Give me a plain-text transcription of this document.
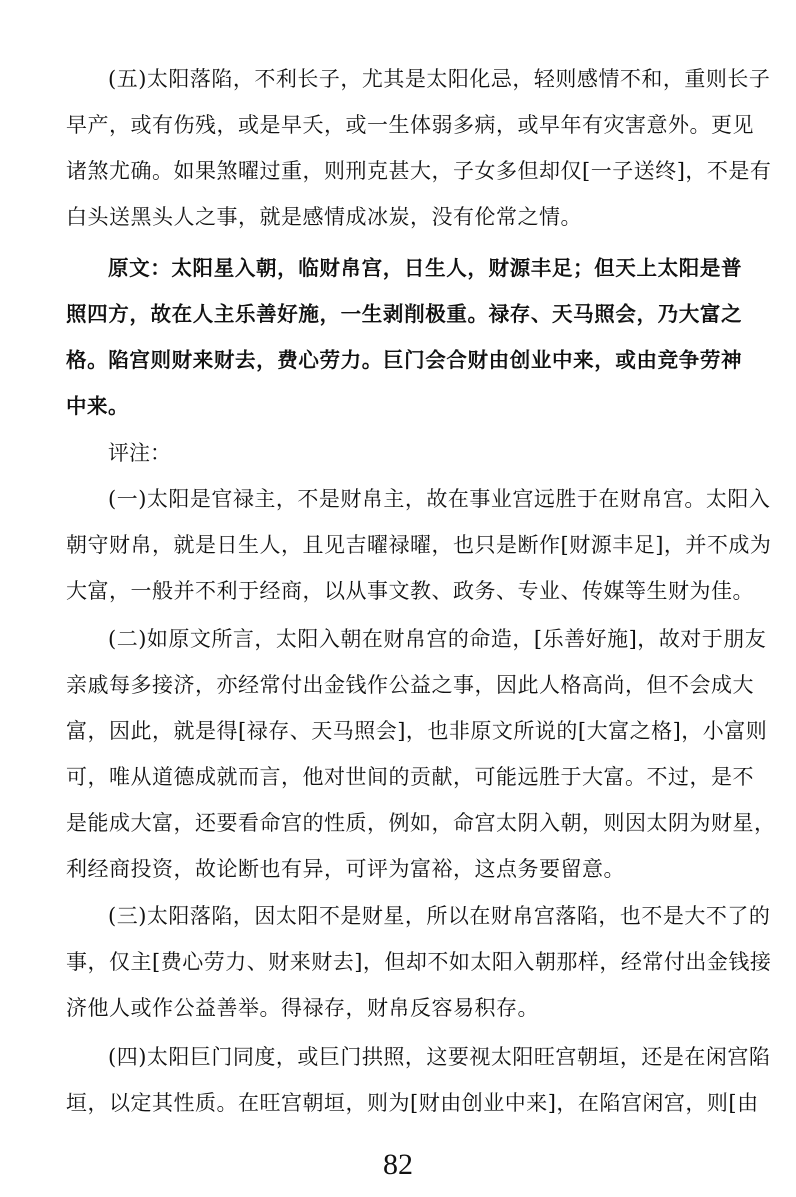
(五)太阳落陷，不利长子，尤其是太阳化忌，轻则感情不和，重则长子
早产，或有伤残，或是早夭，或一生体弱多病，或早年有灾害意外。更见
诸煞尤确。如果煞曜过重，则刑克甚大，子女多但却仅[一子送终]，不是有
白头送黑头人之事，就是感情成冰炭，没有伦常之情。
原文：太阳星入朝，临财帛宫，日生人，财源丰足；但天上太阳是普
照四方，故在人主乐善好施，一生剥削极重。禄存、天马照会，乃大富之
格。陷宫则财来财去，费心劳力。巨门会合财由创业中来，或由竞争劳神
中来。
评注：
(一)太阳是官禄主，不是财帛主，故在事业宫远胜于在财帛宫。太阳入
朝守财帛，就是日生人，且见吉曜禄曜，也只是断作[财源丰足]，并不成为
大富，一般并不利于经商，以从事文教、政务、专业、传媒等生财为佳。
(二)如原文所言，太阳入朝在财帛宫的命造，[乐善好施]，故对于朋友
亲戚每多接济，亦经常付出金钱作公益之事，因此人格高尚，但不会成大
富，因此，就是得[禄存、天马照会]，也非原文所说的[大富之格]，小富则
可，唯从道德成就而言，他对世间的贡献，可能远胜于大富。不过，是不
是能成大富，还要看命宫的性质，例如，命宫太阴入朝，则因太阴为财星，
利经商投资，故论断也有异，可评为富裕，这点务要留意。
(三)太阳落陷，因太阳不是财星，所以在财帛宫落陷，也不是大不了的
事，仅主[费心劳力、财来财去]，但却不如太阳入朝那样，经常付出金钱接
济他人或作公益善举。得禄存，财帛反容易积存。
(四)太阳巨门同度，或巨门拱照，这要视太阳旺宫朝垣，还是在闲宫陷
垣，以定其性质。在旺宫朝垣，则为[财由创业中来]，在陷宫闲宫，则[由
82
